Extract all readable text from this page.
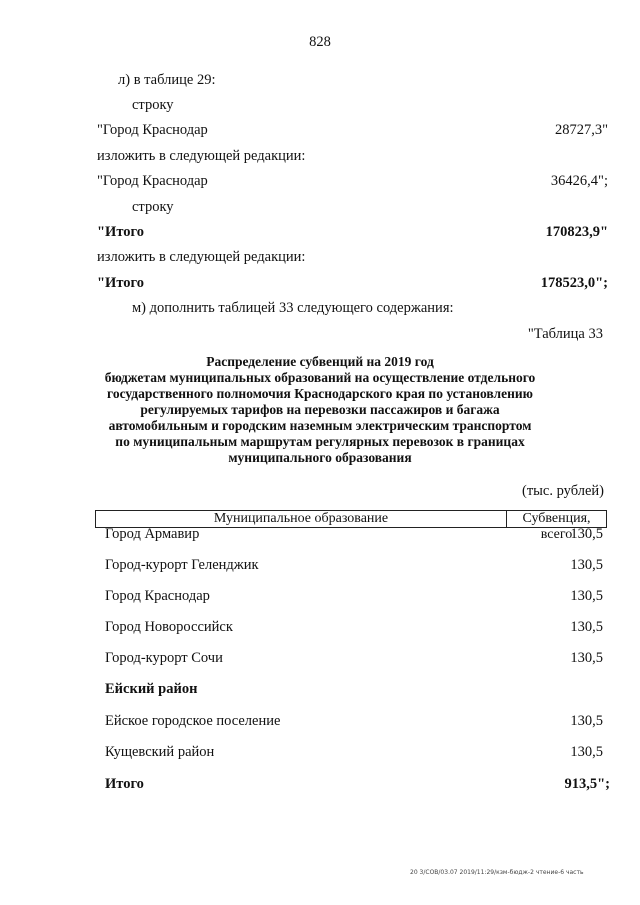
828
л) в таблице 29:
строку
"Город Краснодар	28727,3"
изложить в следующей редакции:
"Город Краснодар	36426,4";
строку
"Итого	170823,9"
изложить в следующей редакции:
"Итого	178523,0";
м) дополнить таблицей 33 следующего содержания:
"Таблица 33
Распределение субвенций на 2019 год
бюджетам муниципальных образований на осуществление отдельного
государственного полномочия Краснодарского края по установлению
регулируемых тарифов на перевозки пассажиров и багажа
автомобильным и городским наземным электрическим транспортом
по муниципальным маршрутам регулярных перевозок в границах
муниципального образования
(тыс. рублей)
Муниципальное образование	Субвенция, всего
Город Армавир	130,5
Город-курорт Геленджик	130,5
Город Краснодар	130,5
Город Новороссийск	130,5
Город-курорт Сочи	130,5
Ейский район
Ейское городское поселение	130,5
Кущевский район	130,5
Итого	913,5";
20 3/СОВ/03.07 2019/11:29/кзм-бюдж-2 чтение-6 часть
